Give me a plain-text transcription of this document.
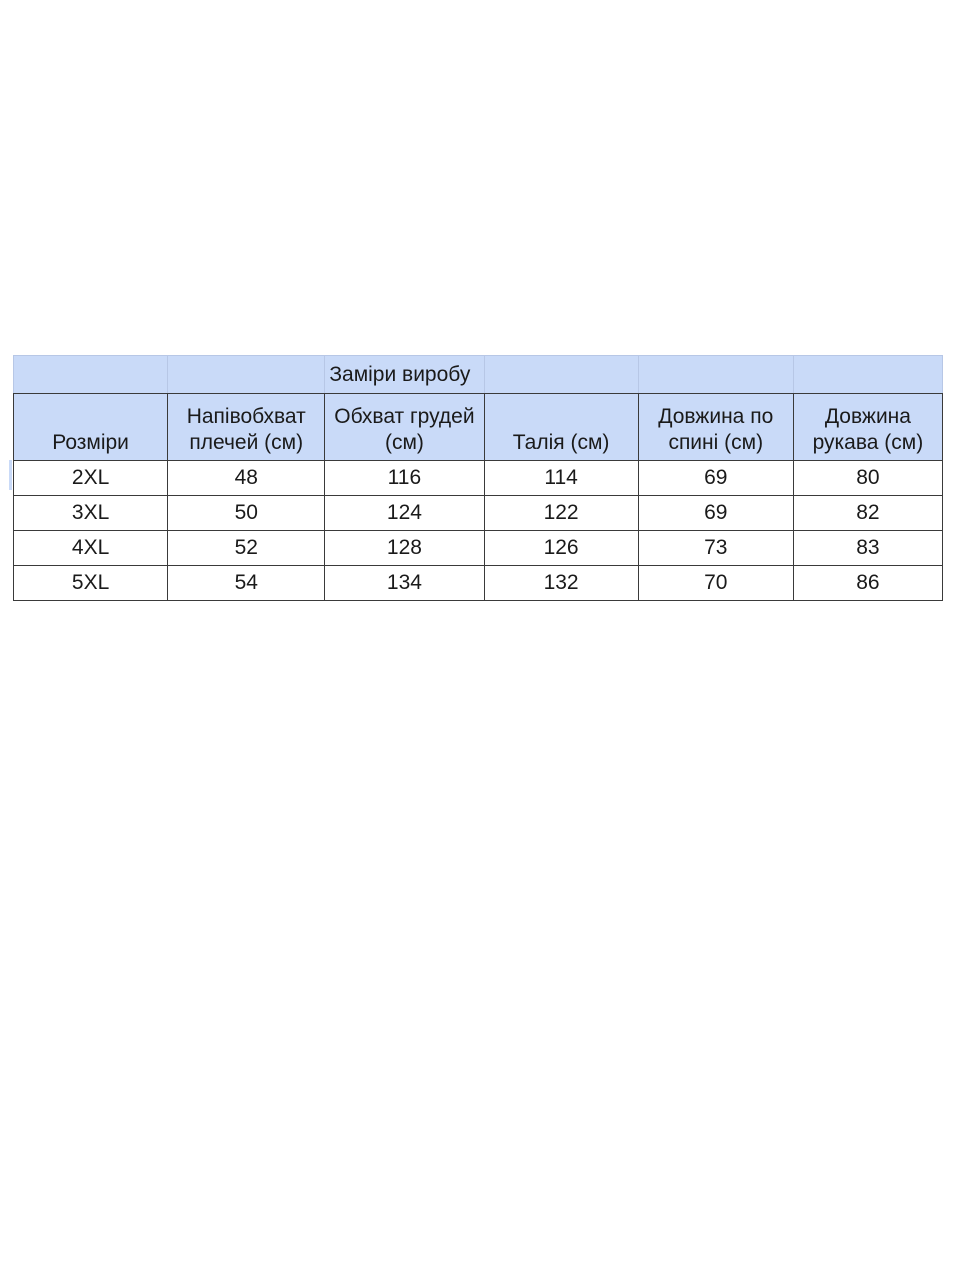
		Заміри виробу			
Розміри	Напівобхват плечей (см)	Обхват грудей (см)	Талія (см)	Довжина по спині (см)	Довжина рукава (см)
2XL	48	116	114	69	80
3XL	50	124	122	69	82
4XL	52	128	126	73	83
5XL	54	134	132	70	86
